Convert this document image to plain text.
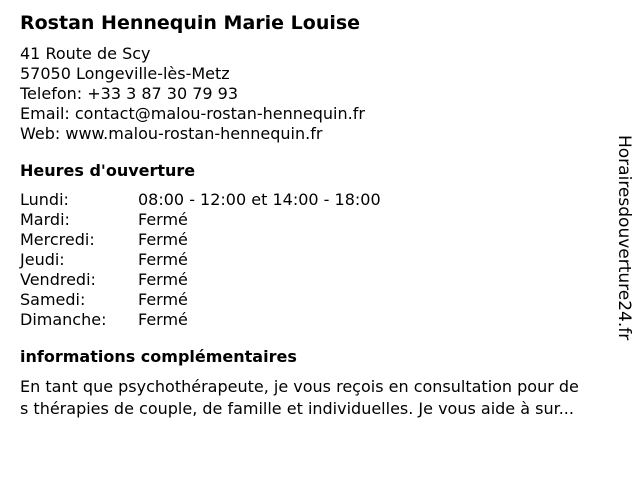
Rostan Hennequin Marie Louise
41 Route de Scy
57050 Longeville-lès-Metz
Telefon: +33 3 87 30 79 93
Email: contact@malou-rostan-hennequin.fr
Web: www.malou-rostan-hennequin.fr
Heures d'ouverture
Lundi:	08:00 - 12:00 et 14:00 - 18:00
Mardi:	Fermé
Mercredi:	Fermé
Jeudi:	Fermé
Vendredi:	Fermé
Samedi:	Fermé
Dimanche:	Fermé
informations complémentaires
En tant que psychothérapeute, je vous reçois en consultation pour de
s thérapies de couple, de famille et individuelles. Je vous aide à sur...
Horairesdouverture24.fr
